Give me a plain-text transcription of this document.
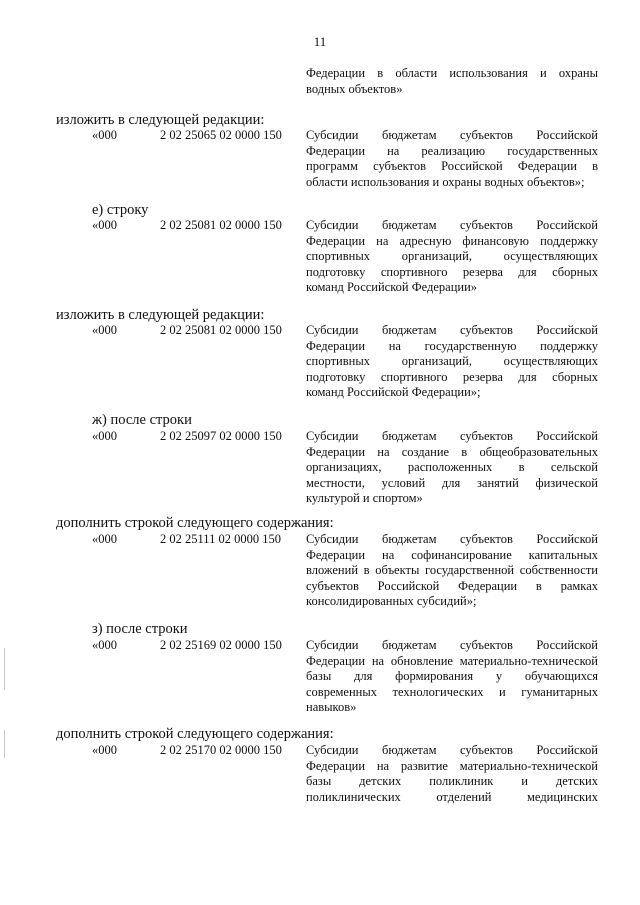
11
Федерации в области использования и охраны
водных объектов»
изложить в следующей редакции:
«000	2 02 25065 02 0000 150 Субсидии бюджетам субъектов Российской
Федерации на реализацию государственных
программ субъектов Российской Федерации в
области использования и охраны водных объектов»;
е) строку
«000	2 02 25081 02 0000 150 Субсидии бюджетам субъектов Российской
Федерации на адресную финансовую поддержку
спортивных организаций, осуществляющих
подготовку спортивного резерва для сборных
команд Российской Федерации»
изложить в следующей редакции:
«000	2 02 25081 02 0000 150 Субсидии бюджетам субъектов Российской
Федерации на государственную поддержку
спортивных организаций, осуществляющих
подготовку спортивного резерва для сборных
команд Российской Федерации»;
ж) после строки
«000	2 02 25097 02 0000 150 Субсидии бюджетам субъектов Российской
Федерации на создание в общеобразовательных
организациях, расположенных в сельской
местности, условий для занятий физической
культурой и спортом»
дополнить строкой следующего содержания:
«000	2 02 25111 02 0000 150 Субсидии бюджетам субъектов Российской
Федерации на софинансирование капитальных
вложений в объекты государственной собственности
субъектов Российской Федерации в рамках
консолидированных субсидий»;
з) после строки
«000	2 02 25169 02 0000 150 Субсидии бюджетам субъектов Российской
Федерации на обновление материально-технической
базы для формирования у обучающихся
современных технологических и гуманитарных
навыков»
дополнить строкой следующего содержания:
«000	2 02 25170 02 0000 150 Субсидии бюджетам субъектов Российской
Федерации на развитие материально-технической
базы детских поликлиник и детских
поликлинических отделений медицинских
